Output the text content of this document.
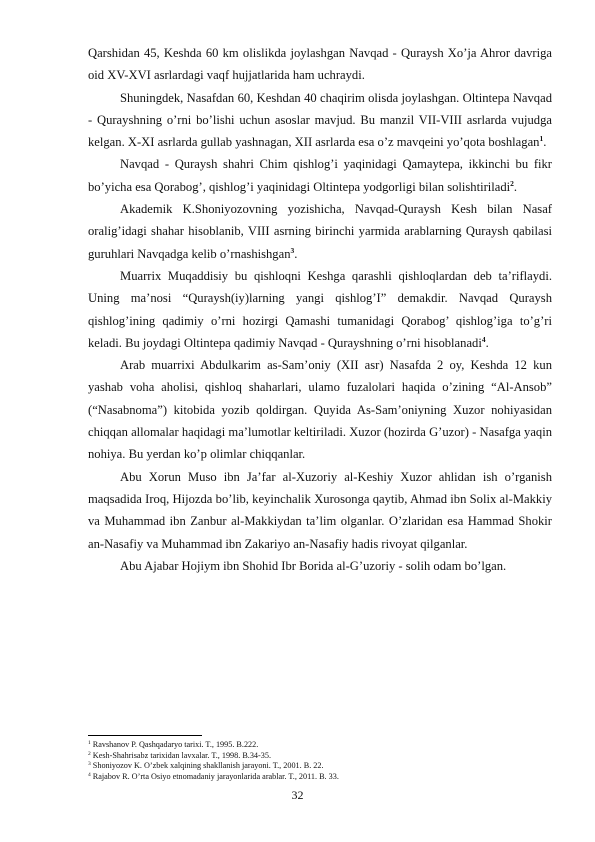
Qarshidan 45, Keshda 60 km olislikda joylashgan Navqad - Quraysh Xo’ja Ahror davriga oid XV-XVI asrlardagi vaqf hujjatlarida ham uchraydi.

Shuningdek, Nasafdan 60, Keshdan 40 chaqirim olisda joylashgan. Oltintepa Navqad - Qurayshning o’rni bo’lishi uchun asoslar mavjud. Bu manzil VII-VIII asrlarda vujudga kelgan. X-XI asrlarda gullab yashnagan, XII asrlarda esa o’z mavqeini yo’qota boshlagan$^1$.

Navqad - Quraysh shahri Chim qishlog’i yaqinidagi Qamaytepa, ikkinchi bu fikr bo’yicha esa Qorabog’, qishlog’i yaqinidagi Oltintepa yodgorligi bilan solishtiriladi$^2$.

Akademik K.Shoniyozovning yozishicha, Navqad-Quraysh Kesh bilan Nasaf oralig’idagi shahar hisoblanib, VIII asrning birinchi yarmida arablarning Quraysh qabilasi guruhlari Navqadga kelib o’rnashishgan$^3$.

Muarrix Muqaddisiy bu qishloqni Keshga qarashli qishloqlardan deb ta’riflaydi. Uning ma’nosi “Quraysh(iy)larning yangi qishlog’I” demakdir. Navqad Quraysh qishlog’ining qadimiy o’rni hozirgi Qamashi tumanidagi Qorabog’ qishlog’iga to’g’ri keladi. Bu joydagi Oltintepa qadimiy Navqad - Qurayshning o’rni hisoblanadi$^4$.

Arab muarrixi Abdulkarim as-Sam’oniy (XII asr) Nasafda 2 oy, Keshda 12 kun yashab voha aholisi, qishloq shaharlari, ulamo fuzalolari haqida o’zining “Al-Ansob” (“Nasabnoma”) kitobida yozib qoldirgan. Quyida As-Sam’oniyning Xuzor nohiyasidan chiqqan allomalar haqidagi ma’lumotlar keltiriladi. Xuzor (hozirda G’uzor) - Nasafga yaqin nohiya. Bu yerdan ko’p olimlar chiqqanlar.

Abu Xorun Muso ibn Ja’far al-Xuzoriy al-Keshiy Xuzor ahlidan ish o’rganish maqsadida Iroq, Hijozda bo’lib, keyinchalik Xurosonga qaytib, Ahmad ibn Solix al-Makkiy va Muhammad ibn Zanbur al-Makkiydan ta’lim olganlar. O’zlaridan esa Hammad Shokir an-Nasafiy va Muhammad ibn Zakariyo an-Nasafiy hadis rivoyat qilganlar.

Abu Ajabar Hojiym ibn Shohid Ibr Borida al-G’uzoriy - solih odam bo’lgan.

$^1$ Ravshanov P. Qashqadaryo tarixi. T., 1995. B.222.

$^2$ Kesh-Shahrisabz tarixidan lavxalar. T., 1998. B.34-35.

$^3$ Shoniyozov K. O’zbek xalqining shakllanish jarayoni. T., 2001. B. 22.

$^4$ Rajabov R. O’rta Osiyo etnomadaniy jarayonlarida arablar. T., 2011. B. 33.

32
